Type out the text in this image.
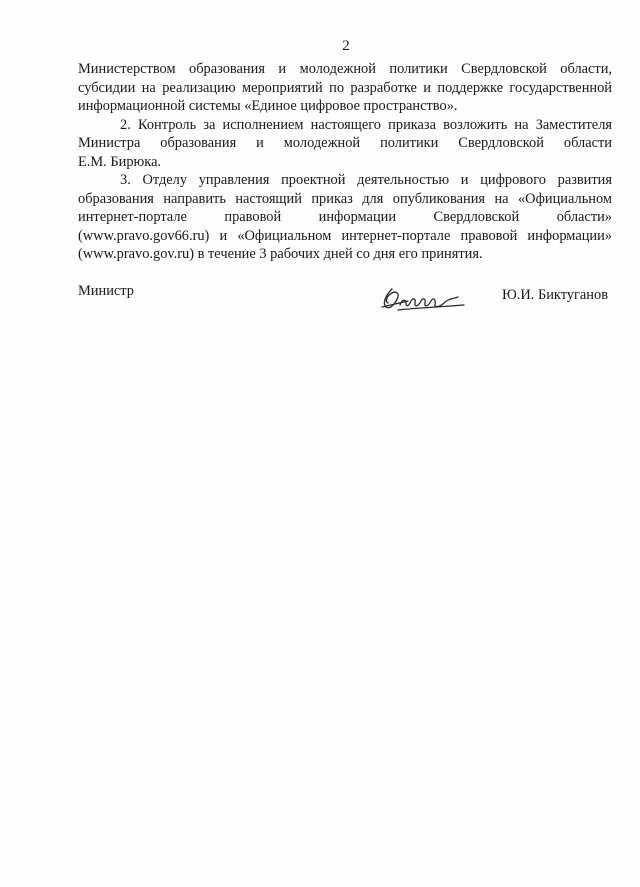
2

Министерством образования и молодежной политики Свердловской области,
субсидии на реализацию мероприятий по разработке и поддержке государственной
информационной системы «Единое цифровое пространство».

2. Контроль за исполнением настоящего приказа возложить на Заместителя
Министра образования и молодежной политики Свердловской области
Е.М. Бирюка.

3. Отделу управления проектной деятельностью и цифрового развития
образования направить настоящий приказ для опубликования на «Официальном
интернет-портале правовой информации Свердловской области»
(www.pravo.gov66.ru) и «Официальном интернет-портале правовой информации»
(www.pravo.gov.ru) в течение 3 рабочих дней со дня его принятия.

Министр	Ю.И. Биктуганов
